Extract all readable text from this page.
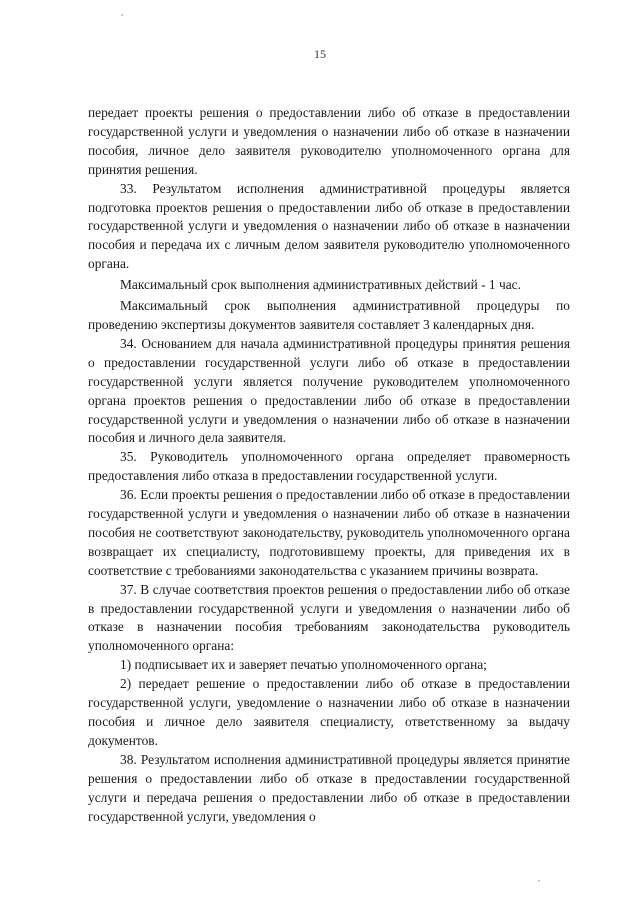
15

передает проекты решения о предоставлении либо об отказе в предоставлении государственной услуги и уведомления о назначении либо об отказе в назначении пособия, личное дело заявителя руководителю уполномоченного органа для принятия решения.

33. Результатом исполнения административной процедуры является подготовка проектов решения о предоставлении либо об отказе в предоставлении государственной услуги и уведомления о назначении либо об отказе в назначении пособия и передача их с личным делом заявителя руководителю уполномоченного органа.

Максимальный срок выполнения административных действий - 1 час.

Максимальный срок выполнения административной процедуры по проведению экспертизы документов заявителя составляет 3 календарных дня.

34. Основанием для начала административной процедуры принятия решения о предоставлении государственной услуги либо об отказе в предоставлении государственной услуги является получение руководителем уполномоченного органа проектов решения о предоставлении либо об отказе в предоставлении государственной услуги и уведомления о назначении либо об отказе в назначении пособия и личного дела заявителя.

35. Руководитель уполномоченного органа определяет правомерность предоставления либо отказа в предоставлении государственной услуги.

36. Если проекты решения о предоставлении либо об отказе в предоставлении государственной услуги и уведомления о назначении либо об отказе в назначении пособия не соответствуют законодательству, руководитель уполномоченного органа возвращает их специалисту, подготовившему проекты, для приведения их в соответствие с требованиями законодательства с указанием причины возврата.

37. В случае соответствия проектов решения о предоставлении либо об отказе в предоставлении государственной услуги и уведомления о назначении либо об отказе в назначении пособия требованиям законодательства руководитель уполномоченного органа:

1) подписывает их и заверяет печатью уполномоченного органа;

2) передает решение о предоставлении либо об отказе в предоставлении государственной услуги, уведомление о назначении либо об отказе в назначении пособия и личное дело заявителя специалисту, ответственному за выдачу документов.

38. Результатом исполнения административной процедуры является принятие решения о предоставлении либо об отказе в предоставлении государственной услуги и передача решения о предоставлении либо об отказе в предоставлении государственной услуги, уведомления о
